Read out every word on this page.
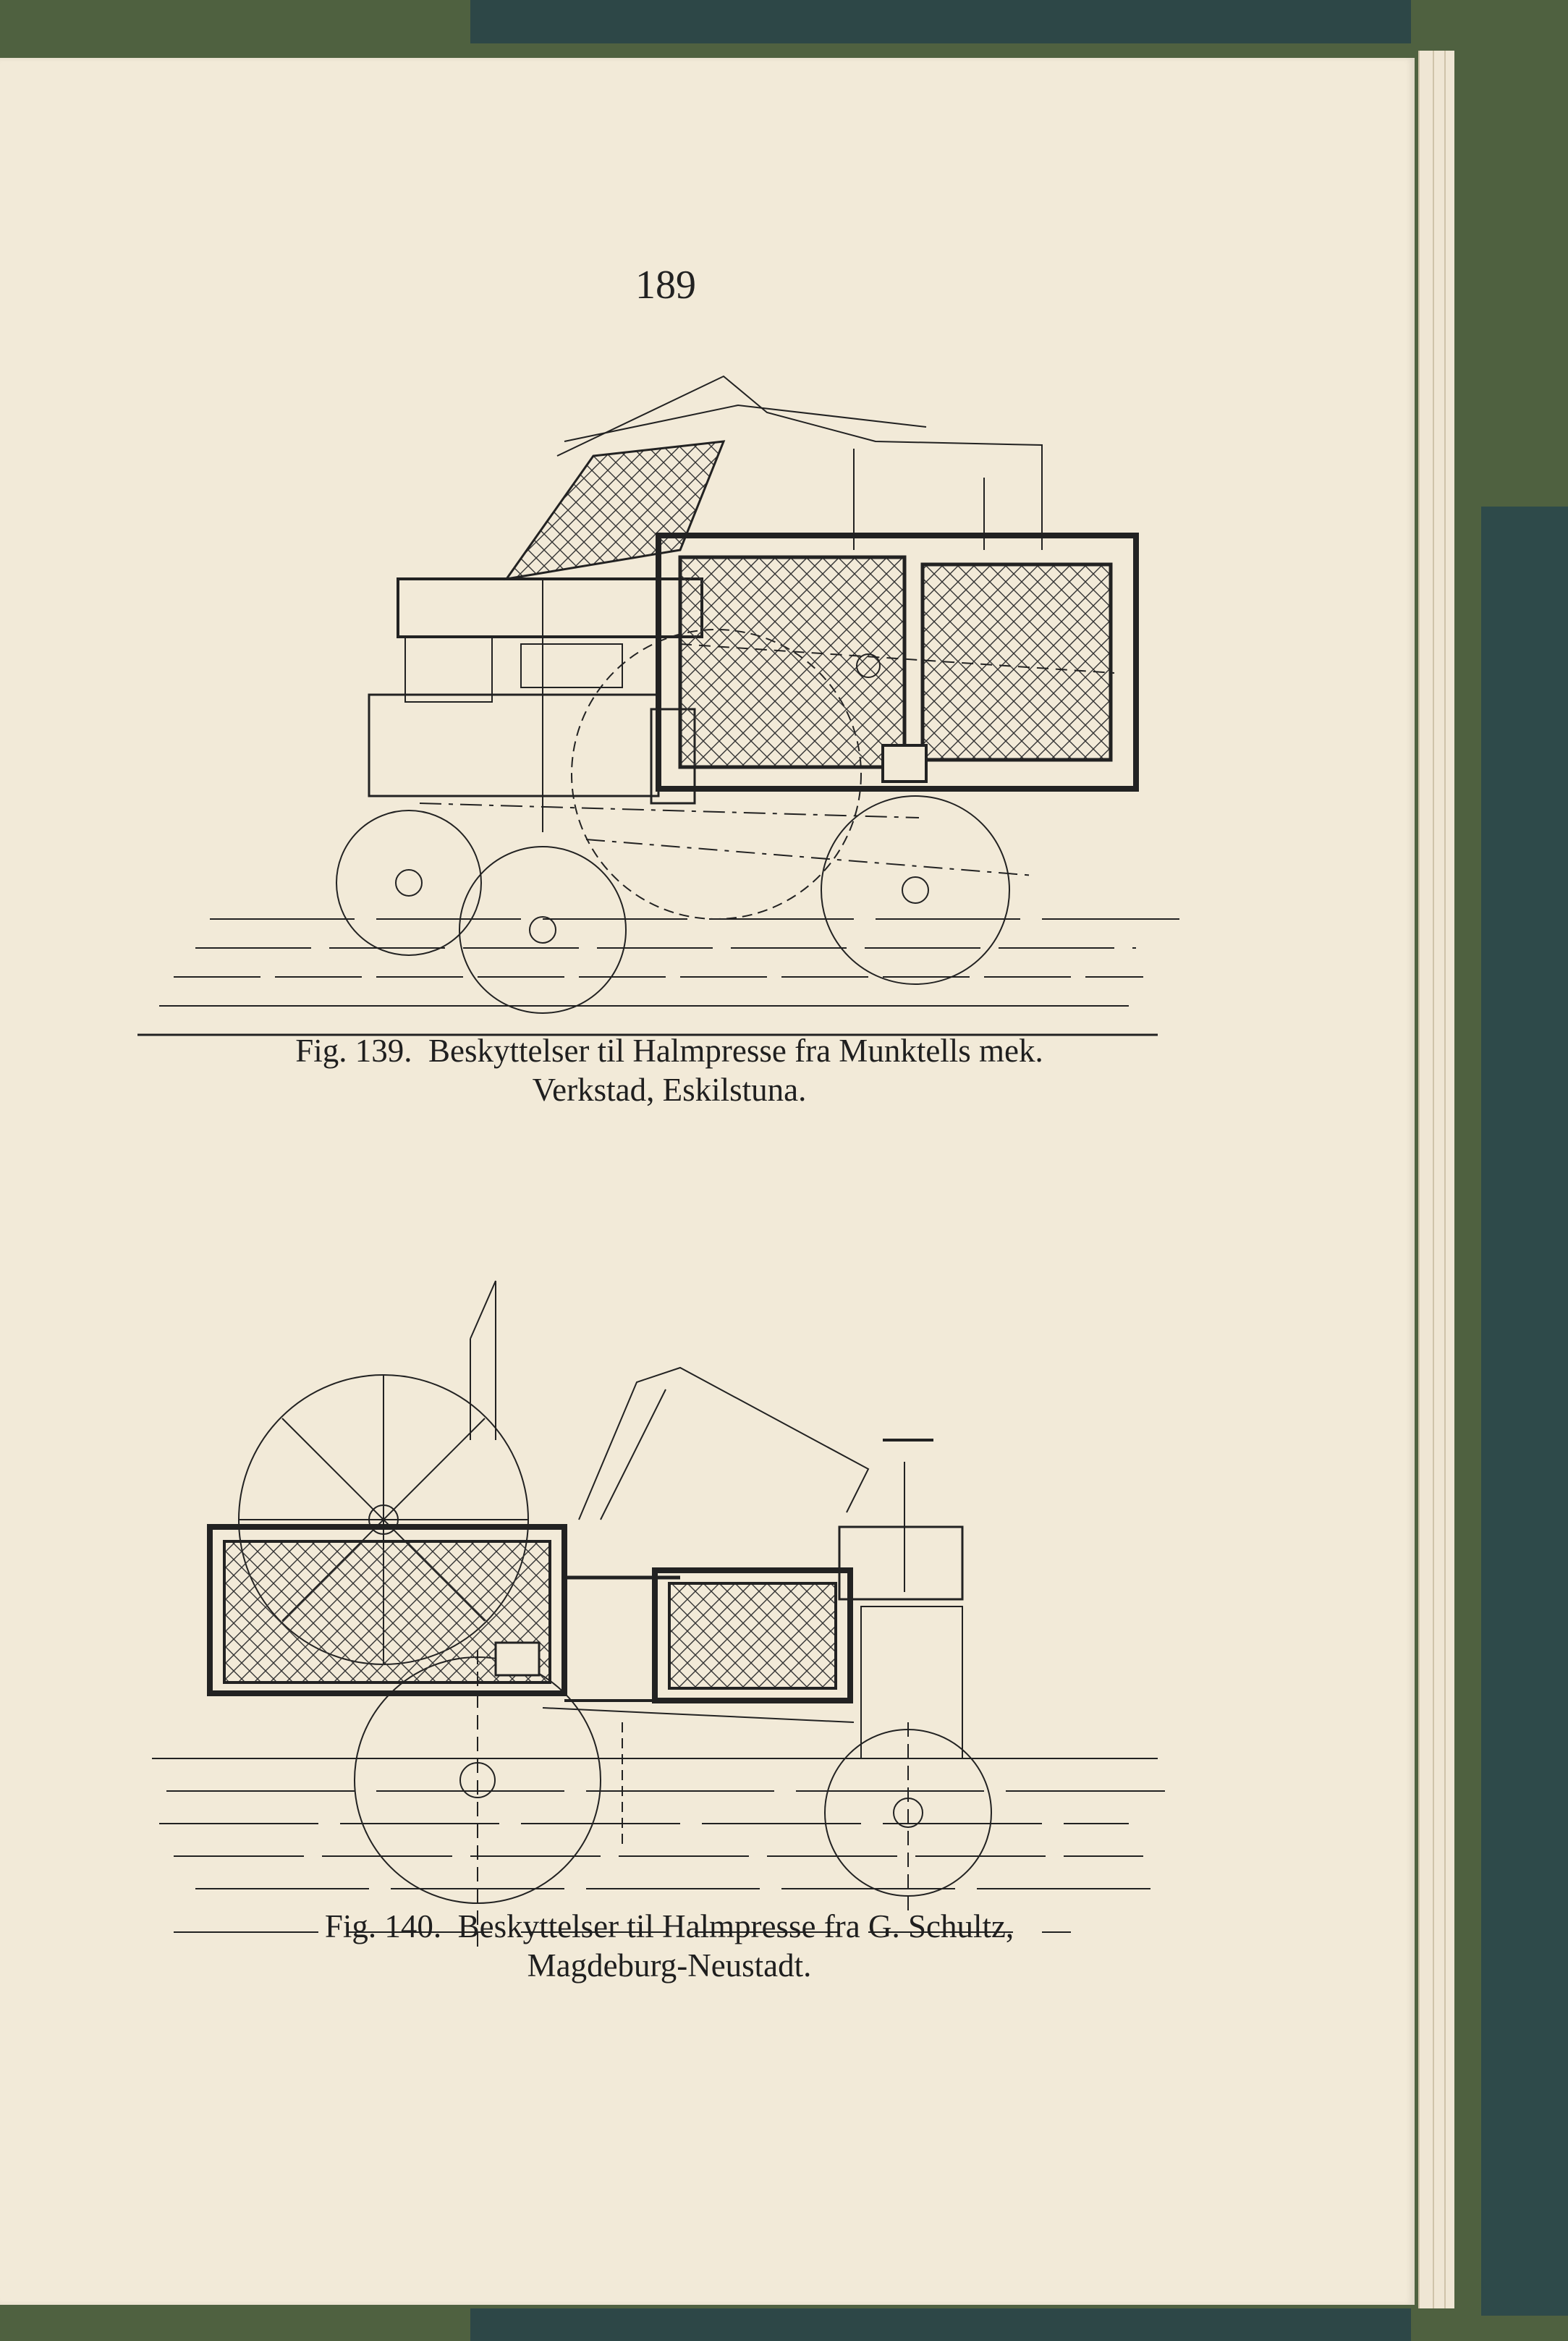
189
Fig. 139. Beskyttelser til Halmpresse fra Munktells mek.
Verkstad, Eskilstuna.
Fig. 140. Beskyttelser til Halmpresse fra G. Schultz,
Magdeburg-Neustadt.
